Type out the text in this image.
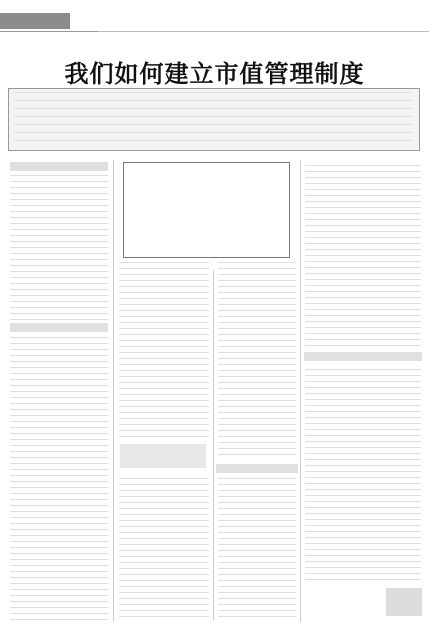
我们如何建立市值管理制度
